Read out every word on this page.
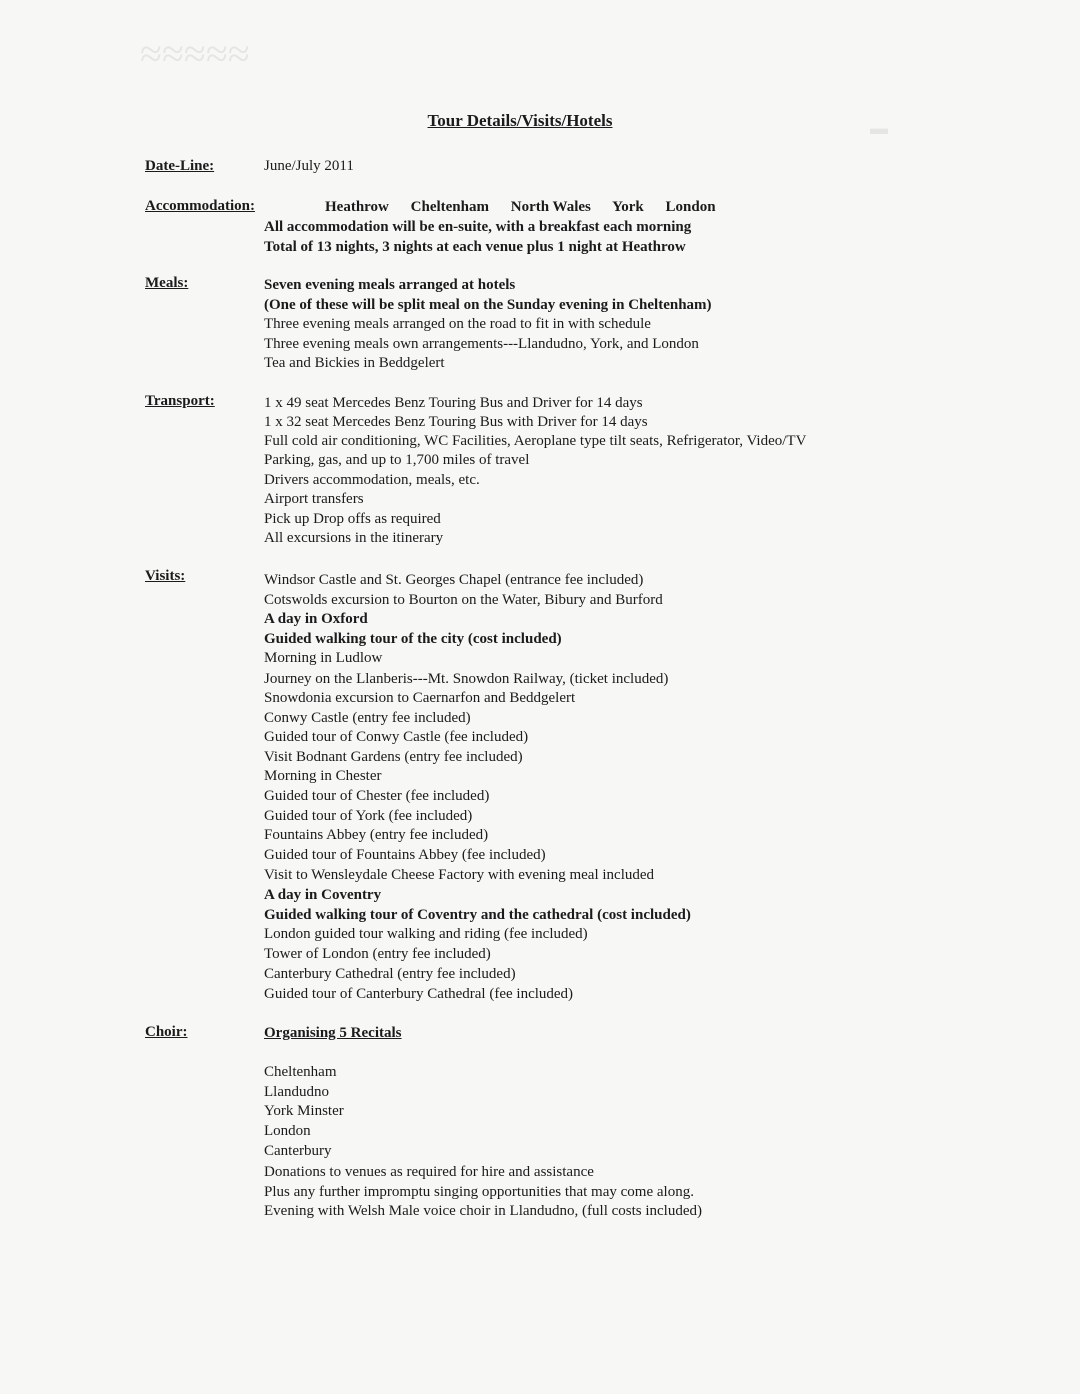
▬
≈≈≈≈≈
Tour Details/Visits/Hotels
Date-Line:	June/July 2011
Accommodation:	Heathrow Cheltenham North Wales York London
All accommodation will be en-suite, with a breakfast each morning
Total of 13 nights, 3 nights at each venue plus 1 night at Heathrow
Meals:	Seven evening meals arranged at hotels
(One of these will be split meal on the Sunday evening in Cheltenham)
Three evening meals arranged on the road to fit in with schedule
Three evening meals own arrangements---Llandudno, York, and London
Tea and Bickies in Beddgelert
Transport:	1 x 49 seat Mercedes Benz Touring Bus and Driver for 14 days
1 x 32 seat Mercedes Benz Touring Bus with Driver for 14 days
Full cold air conditioning, WC Facilities, Aeroplane type tilt seats, Refrigerator, Video/TV
Parking, gas, and up to 1,700 miles of travel
Drivers accommodation, meals, etc.
Airport transfers
Pick up Drop offs as required
All excursions in the itinerary
Visits:	Windsor Castle and St. Georges Chapel (entrance fee included)
Cotswolds excursion to Bourton on the Water, Bibury and Burford
A day in Oxford
Guided walking tour of the city (cost included)
Morning in Ludlow
Journey on the Llanberis---Mt. Snowdon Railway, (ticket included)
Snowdonia excursion to Caernarfon and Beddgelert
Conwy Castle (entry fee included)
Guided tour of Conwy Castle (fee included)
Visit Bodnant Gardens (entry fee included)
Morning in Chester
Guided tour of Chester (fee included)
Guided tour of York (fee included)
Fountains Abbey (entry fee included)
Guided tour of Fountains Abbey (fee included)
Visit to Wensleydale Cheese Factory with evening meal included
A day in Coventry
Guided walking tour of Coventry and the cathedral (cost included)
London guided tour walking and riding (fee included)
Tower of London (entry fee included)
Canterbury Cathedral (entry fee included)
Guided tour of Canterbury Cathedral (fee included)
Choir:	Organising 5 Recitals
Cheltenham
Llandudno
York Minster
London
Canterbury
Donations to venues as required for hire and assistance
Plus any further impromptu singing opportunities that may come along.
Evening with Welsh Male voice choir in Llandudno, (full costs included)
